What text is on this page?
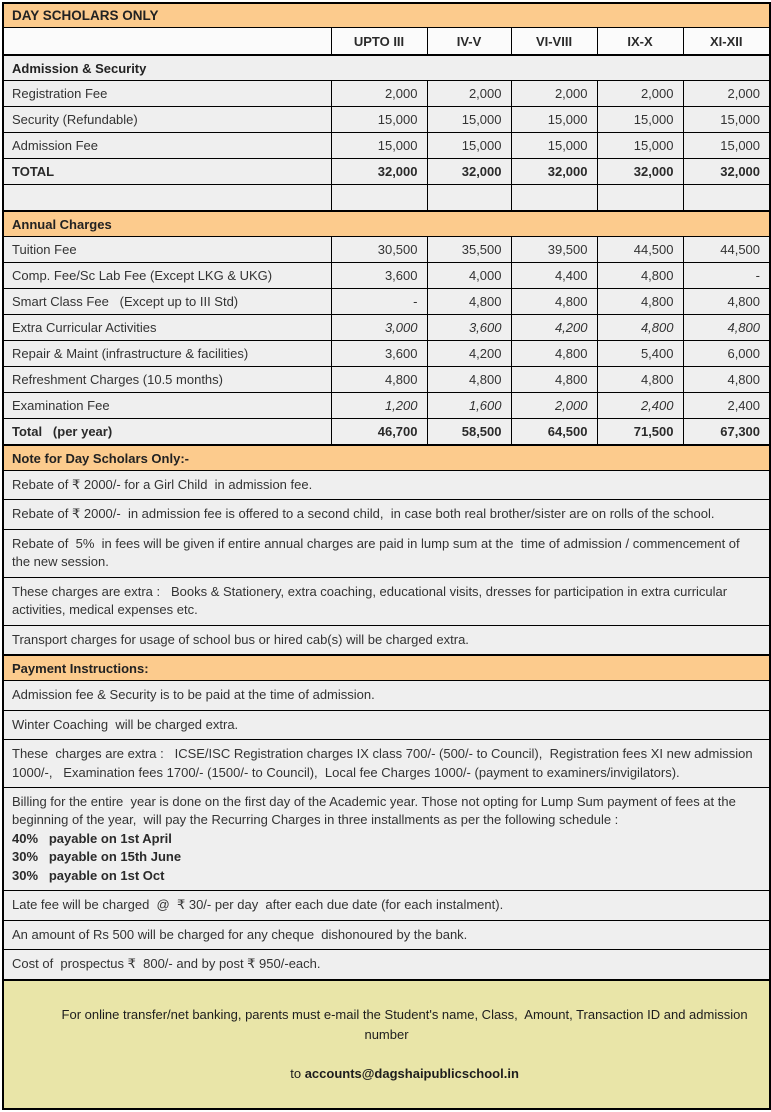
DAY SCHOLARS ONLY					
	UPTO III	IV-V	VI-VIII	IX-X	XI-XII
Admission & Security					
Registration Fee	2,000	2,000	2,000	2,000	2,000
Security (Refundable)	15,000	15,000	15,000	15,000	15,000
Admission Fee	15,000	15,000	15,000	15,000	15,000
TOTAL	32,000	32,000	32,000	32,000	32,000

Annual Charges					
Tuition Fee	30,500	35,500	39,500	44,500	44,500
Comp. Fee/Sc Lab Fee (Except LKG & UKG)	3,600	4,000	4,400	4,800	-
Smart Class Fee   (Except up to III Std)	-	4,800	4,800	4,800	4,800
Extra Curricular Activities	3,000	3,600	4,200	4,800	4,800
Repair & Maint (infrastructure & facilities)	3,600	4,200	4,800	5,400	6,000
Refreshment Charges (10.5 months)	4,800	4,800	4,800	4,800	4,800
Examination Fee	1,200	1,600	2,000	2,400	2,400
Total   (per year)	46,700	58,500	64,500	71,500	67,300
Note for Day Scholars Only:-					
Rebate of ₹ 2000/- for a Girl Child  in admission fee.					
Rebate of ₹ 2000/-  in admission fee is offered to a second child,  in case both real brother/sister are on rolls of the school.					
Rebate of  5%  in fees will be given if entire annual charges are paid in lump sum at the  time of admission / commencement of the new session.					
These charges are extra :   Books & Stationery, extra coaching, educational visits, dresses for participation in extra curricular activities, medical expenses etc.					
Transport charges for usage of school bus or hired cab(s) will be charged extra.					
Payment Instructions:					
Admission fee & Security is to be paid at the time of admission.					
Winter Coaching  will be charged extra.					
These  charges are extra :   ICSE/ISC Registration charges IX class 700/- (500/- to Council),  Registration fees XI new admission 1000/-,   Examination fees 1700/- (1500/- to Council),  Local fee Charges 1000/- (payment to examiners/invigilators).					

Billing for the entire  year is done on the first day of the Academic year. Those not opting for Lump Sum payment of fees at the beginning of the year,  will pay the Recurring Charges in three installments as per the following schedule :
40%   payable on 1st April
30%   payable on 15th June
30%   payable on 1st Oct					

Late fee will be charged  @  ₹ 30/- per day  after each due date (for each instalment).					
An amount of Rs 500 will be charged for any cheque  dishonoured by the bank.					
Cost of  prospectus ₹  800/- and by post ₹ 950/-each.					

For online transfer/net banking, parents must e-mail the Student's name, Class,  Amount, Transaction ID and admission number

to accounts@dagshaipublicschool.in					
